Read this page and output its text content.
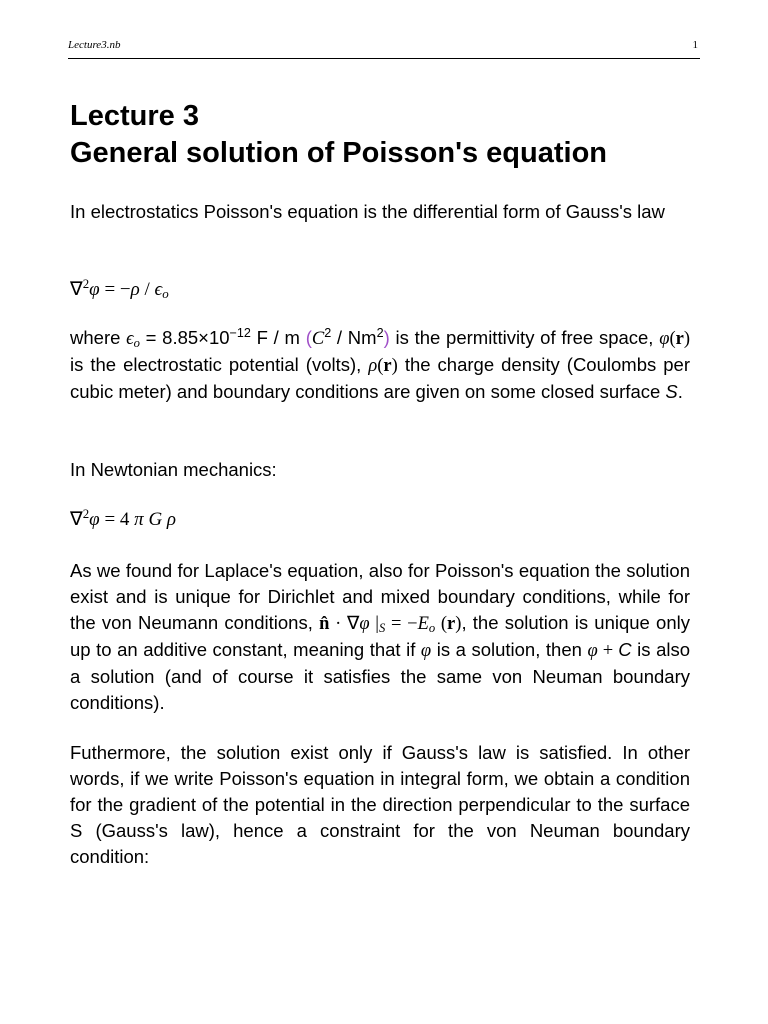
Lecture3.nb	1
Lecture 3
General solution of Poisson's equation

In electrostatics Poisson's equation is the differential form of Gauss's law

$\nabla^2\varphi = -\rho / \epsilon_o$

where $\epsilon_o = 8.85\times 10^{-12}$ F / m $(C^2 / Nm^2)$ is the permittivity of free space, φ(r) is the electrostatic potential (volts), ρ(r) the charge density (Coulombs per cubic meter) and boundary conditions are given on some closed surface S.

In Newtonian mechanics:

∇$^2$φ = 4 π G ρ

As we found for Laplace's equation, also for Poisson's equation the solution exist and is unique for Dirichlet and mixed boundary conditions, while for the von Neumann conditions, n̂ · ∇φ $|_S = -E_o$ (r), the solution is unique only up to an additive constant, meaning that if φ is a solution, then φ + C is also a solution (and of course it satisfies the same von Neuman boundary conditions).

Futhermore, the solution exist only if Gauss's law is satisfied. In other words, if we write Poisson's equation in integral form, we obtain a condition for the gradient of the potential in the direction perpendicular to the surface S (Gauss's law), hence a constraint for the von Neuman boundary condition:
